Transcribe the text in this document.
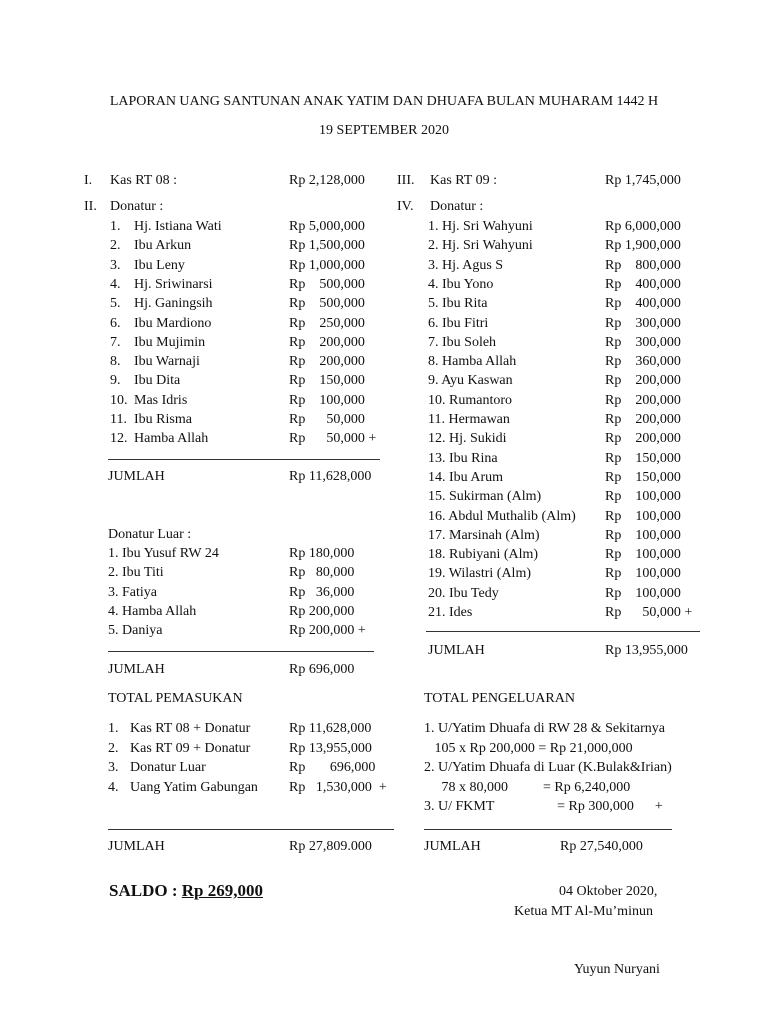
LAPORAN UANG SANTUNAN ANAK YATIM DAN DHUAFA BULAN MUHARAM 1442 H
19 SEPTEMBER 2020
I. Kas RT 08 :	Rp 2,128,000
II. Donatur :
1. Hj. Istiana Wati	Rp 5,000,000
2. Ibu Arkun	Rp 1,500,000
3. Ibu Leny	Rp 1,000,000
4. Hj. Sriwinarsi	Rp    500,000
5. Hj. Ganingsih	Rp    500,000
6. Ibu Mardiono	Rp    250,000
7. Ibu Mujimin	Rp    200,000
8. Ibu Warnaji	Rp    200,000
9. Ibu Dita	Rp    150,000
10. Mas Idris	Rp    100,000
11. Ibu Risma	Rp      50,000
12. Hamba Allah	Rp      50,000 +
JUMLAH	Rp 11,628,000
Donatur Luar :
1. Ibu Yusuf RW 24	Rp 180,000
2. Ibu Titi	Rp   80,000
3. Fatiya	Rp   36,000
4. Hamba Allah	Rp 200,000
5. Daniya	Rp 200,000 +
JUMLAH	Rp 696,000
TOTAL PEMASUKAN
1. Kas RT 08 + Donatur	Rp 11,628,000
2. Kas RT 09 + Donatur	Rp 13,955,000
3. Donatur Luar	Rp       696,000
4. Uang Yatim Gabungan Rp   1,530,000  +
JUMLAH	Rp 27,809.000
III. Kas RT 09 :	Rp 1,745,000
IV. Donatur :
1. Hj. Sri Wahyuni	Rp 6,000,000
2. Hj. Sri Wahyuni	Rp 1,900,000
3. Hj. Agus S	Rp    800,000
4. Ibu Yono	Rp    400,000
5. Ibu Rita	Rp    400,000
6. Ibu Fitri	Rp    300,000
7. Ibu Soleh	Rp    300,000
8. Hamba Allah	Rp    360,000
9. Ayu Kaswan	Rp    200,000
10. Rumantoro	Rp    200,000
11. Hermawan	Rp    200,000
12. Hj. Sukidi	Rp    200,000
13. Ibu Rina	Rp    150,000
14. Ibu Arum	Rp    150,000
15. Sukirman (Alm)	Rp    100,000
16. Abdul Muthalib (Alm) Rp    100,000
17. Marsinah (Alm)	Rp    100,000
18. Rubiyani (Alm)	Rp    100,000
19. Wilastri (Alm)	Rp    100,000
20. Ibu Tedy	Rp    100,000
21. Ides	Rp      50,000 +
JUMLAH	Rp 13,955,000
TOTAL PENGELUARAN
1. U/Yatim Dhuafa di RW 28 & Sekitarnya
105 x Rp 200,000 = Rp 21,000,000
2. U/Yatim Dhuafa di Luar (K.Bulak&Irian)
78 x 80,000          = Rp 6,240,000
3. U/ FKMT                  = Rp 300,000      +
JUMLAH	Rp 27,540,000
SALDO : Rp 269,000	04 Oktober 2020,
Ketua MT Al-Mu’minun
Yuyun Nuryani
